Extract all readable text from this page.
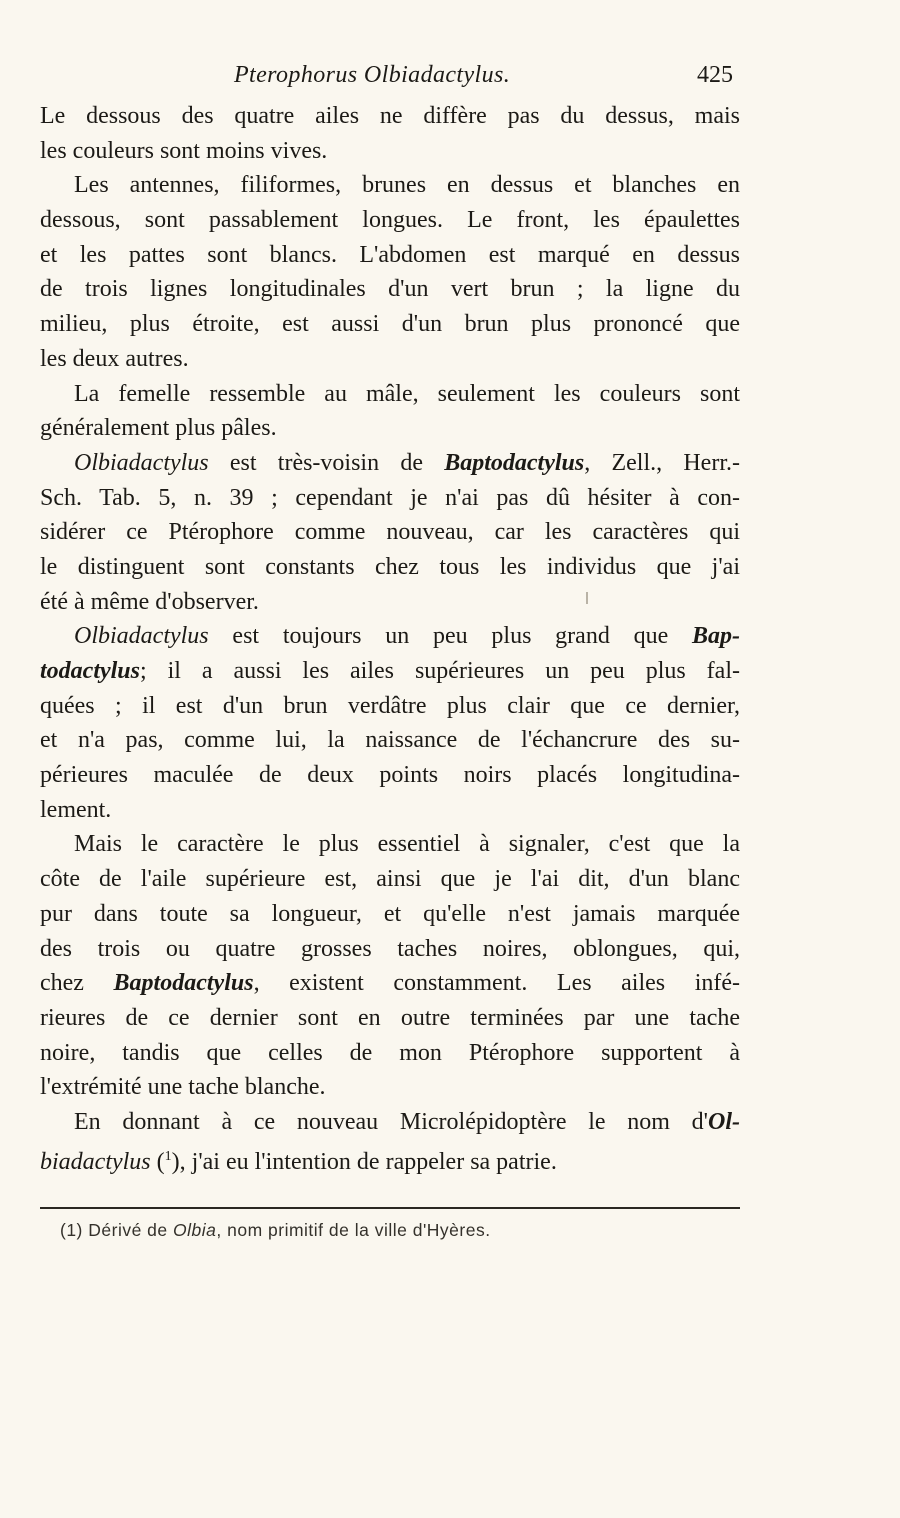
Pterophorus Olbiadactylus.	425
Le dessous des quatre ailes ne diffère pas du dessus, mais
les couleurs sont moins vives.
Les antennes, filiformes, brunes en dessus et blanches en
dessous, sont passablement longues. Le front, les épaulettes
et les pattes sont blancs. L'abdomen est marqué en dessus
de trois lignes longitudinales d'un vert brun ; la ligne du
milieu, plus étroite, est aussi d'un brun plus prononcé que
les deux autres.
La femelle ressemble au mâle, seulement les couleurs sont
généralement plus pâles.
Olbiadactylus est très-voisin de Baptodactylus, Zell., Herr.-
Sch. Tab. 5, n. 39 ; cependant je n'ai pas dû hésiter à con-
sidérer ce Ptérophore comme nouveau, car les caractères qui
le distinguent sont constants chez tous les individus que j'ai
été à même d'observer.
Olbiadactylus est toujours un peu plus grand que Bap-
todactylus; il a aussi les ailes supérieures un peu plus fal-
quées ; il est d'un brun verdâtre plus clair que ce dernier,
et n'a pas, comme lui, la naissance de l'échancrure des su-
périeures maculée de deux points noirs placés longitudina-
lement.
Mais le caractère le plus essentiel à signaler, c'est que la
côte de l'aile supérieure est, ainsi que je l'ai dit, d'un blanc
pur dans toute sa longueur, et qu'elle n'est jamais marquée
des trois ou quatre grosses taches noires, oblongues, qui,
chez Baptodactylus, existent constamment. Les ailes infé-
rieures de ce dernier sont en outre terminées par une tache
noire, tandis que celles de mon Ptérophore supportent à
l'extrémité une tache blanche.
En donnant à ce nouveau Microlépidoptère le nom d'Ol-
biadactylus ($^1$), j'ai eu l'intention de rappeler sa patrie.
(1) Dérivé de Olbia, nom primitif de la ville d'Hyères.
